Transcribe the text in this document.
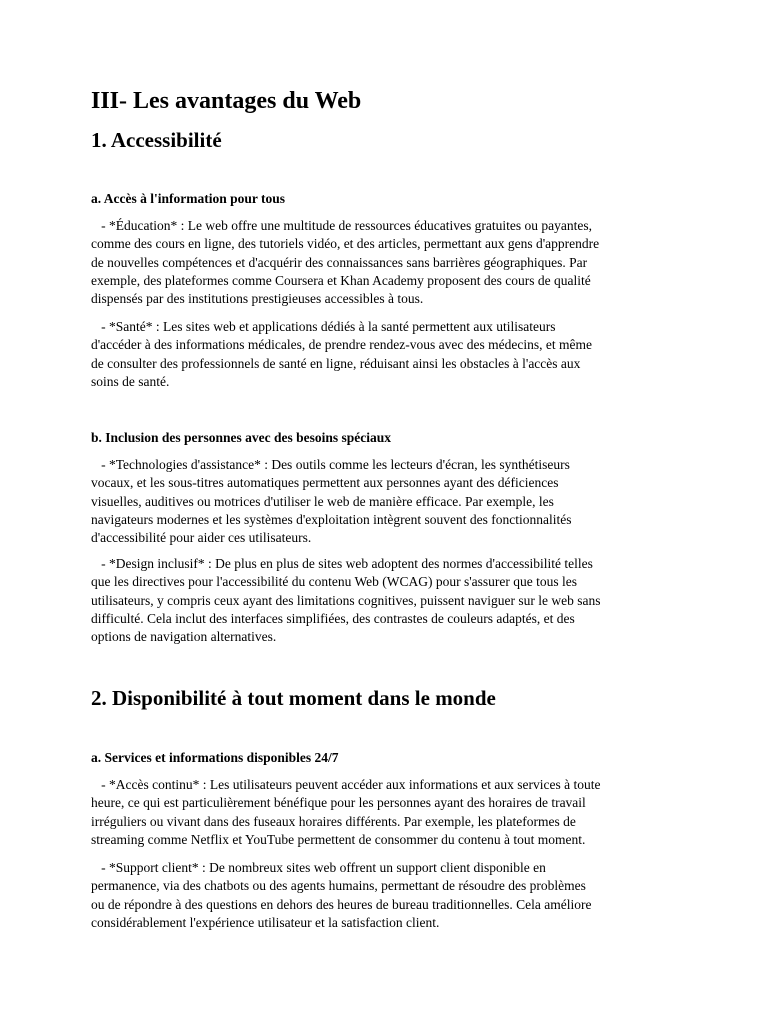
III- Les avantages du Web
1. Accessibilité
a. Accès à l'information pour tous
- *Éducation* : Le web offre une multitude de ressources éducatives gratuites ou payantes,
comme des cours en ligne, des tutoriels vidéo, et des articles, permettant aux gens d'apprendre
de nouvelles compétences et d'acquérir des connaissances sans barrières géographiques. Par
exemple, des plateformes comme Coursera et Khan Academy proposent des cours de qualité
dispensés par des institutions prestigieuses accessibles à tous.
- *Santé* : Les sites web et applications dédiés à la santé permettent aux utilisateurs
d'accéder à des informations médicales, de prendre rendez-vous avec des médecins, et même
de consulter des professionnels de santé en ligne, réduisant ainsi les obstacles à l'accès aux
soins de santé.
b. Inclusion des personnes avec des besoins spéciaux
- *Technologies d'assistance* : Des outils comme les lecteurs d'écran, les synthétiseurs
vocaux, et les sous-titres automatiques permettent aux personnes ayant des déficiences
visuelles, auditives ou motrices d'utiliser le web de manière efficace. Par exemple, les
navigateurs modernes et les systèmes d'exploitation intègrent souvent des fonctionnalités
d'accessibilité pour aider ces utilisateurs.
- *Design inclusif* : De plus en plus de sites web adoptent des normes d'accessibilité telles
que les directives pour l'accessibilité du contenu Web (WCAG) pour s'assurer que tous les
utilisateurs, y compris ceux ayant des limitations cognitives, puissent naviguer sur le web sans
difficulté. Cela inclut des interfaces simplifiées, des contrastes de couleurs adaptés, et des
options de navigation alternatives.
2. Disponibilité à tout moment dans le monde
a. Services et informations disponibles 24/7
- *Accès continu* : Les utilisateurs peuvent accéder aux informations et aux services à toute
heure, ce qui est particulièrement bénéfique pour les personnes ayant des horaires de travail
irréguliers ou vivant dans des fuseaux horaires différents. Par exemple, les plateformes de
streaming comme Netflix et YouTube permettent de consommer du contenu à tout moment.
- *Support client* : De nombreux sites web offrent un support client disponible en
permanence, via des chatbots ou des agents humains, permettant de résoudre des problèmes
ou de répondre à des questions en dehors des heures de bureau traditionnelles. Cela améliore
considérablement l'expérience utilisateur et la satisfaction client.
